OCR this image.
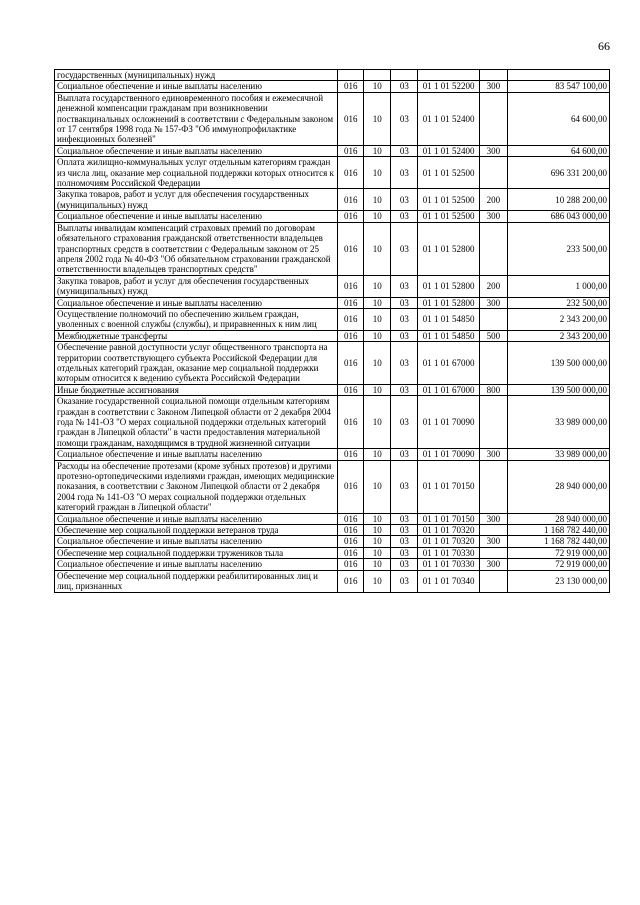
66
государственных (муниципальных) нужд						
Социальное обеспечение и иные выплаты населению	016	10	03	01 1 01 52200	300	83 547 100,00
Выплата государственного единовременного пособия и ежемесячной денежной компенсации гражданам при возникновении поствакцинальных осложнений в соответствии с Федеральным законом от 17 сентября 1998 года № 157-ФЗ "Об иммунопрофилактике инфекционных болезней"	016	10	03	01 1 01 52400		64 600,00
Социальное обеспечение и иные выплаты населению	016	10	03	01 1 01 52400	300	64 600,00
Оплата жилищно-коммунальных услуг отдельным категориям граждан из числа лиц, оказание мер социальной поддержки которых относится к полномочиям Российской Федерации	016	10	03	01 1 01 52500		696 331 200,00
Закупка товаров, работ и услуг для обеспечения государственных (муниципальных) нужд	016	10	03	01 1 01 52500	200	10 288 200,00
Социальное обеспечение и иные выплаты населению	016	10	03	01 1 01 52500	300	686 043 000,00
Выплаты инвалидам компенсаций страховых премий по договорам обязательного страхования гражданской ответственности владельцев транспортных средств в соответствии с Федеральным законом от 25 апреля 2002 года № 40-ФЗ "Об обязательном страховании гражданской ответственности владельцев транспортных средств"	016	10	03	01 1 01 52800		233 500,00
Закупка товаров, работ и услуг для обеспечения государственных (муниципальных) нужд	016	10	03	01 1 01 52800	200	1 000,00
Социальное обеспечение и иные выплаты населению	016	10	03	01 1 01 52800	300	232 500,00
Осуществление полномочий по обеспечению жильем граждан, уволенных с военной службы (службы), и приравненных к ним лиц	016	10	03	01 1 01 54850		2 343 200,00
Межбюджетные трансферты	016	10	03	01 1 01 54850	500	2 343 200,00
Обеспечение равной доступности услуг общественного транспорта на территории соответствующего субъекта Российской Федерации для отдельных категорий граждан, оказание мер социальной поддержки которым относится к ведению субъекта Российской Федерации	016	10	03	01 1 01 67000		139 500 000,00
Иные бюджетные ассигнования	016	10	03	01 1 01 67000	800	139 500 000,00
Оказание государственной социальной помощи отдельным категориям граждан в соответствии с Законом Липецкой области от 2 декабря 2004 года № 141-ОЗ "О мерах социальной поддержки отдельных категорий граждан в Липецкой области" в части предоставления материальной помощи гражданам, находящимся в трудной жизненной ситуации	016	10	03	01 1 01 70090		33 989 000,00
Социальное обеспечение и иные выплаты населению	016	10	03	01 1 01 70090	300	33 989 000,00
Расходы на обеспечение протезами (кроме зубных протезов) и другими протезно-ортопедическими изделиями граждан, имеющих медицинские показания, в соответствии с Законом Липецкой области от 2 декабря 2004 года № 141-ОЗ "О мерах социальной поддержки отдельных категорий граждан в Липецкой области"	016	10	03	01 1 01 70150		28 940 000,00
Социальное обеспечение и иные выплаты населению	016	10	03	01 1 01 70150	300	28 940 000,00
Обеспечение мер социальной поддержки ветеранов труда	016	10	03	01 1 01 70320		1 168 782 440,00
Социальное обеспечение и иные выплаты населению	016	10	03	01 1 01 70320	300	1 168 782 440,00
Обеспечение мер социальной поддержки тружеников тыла	016	10	03	01 1 01 70330		72 919 000,00
Социальное обеспечение и иные выплаты населению	016	10	03	01 1 01 70330	300	72 919 000,00
Обеспечение мер социальной поддержки реабилитированных лиц и лиц, признанных	016	10	03	01 1 01 70340		23 130 000,00
